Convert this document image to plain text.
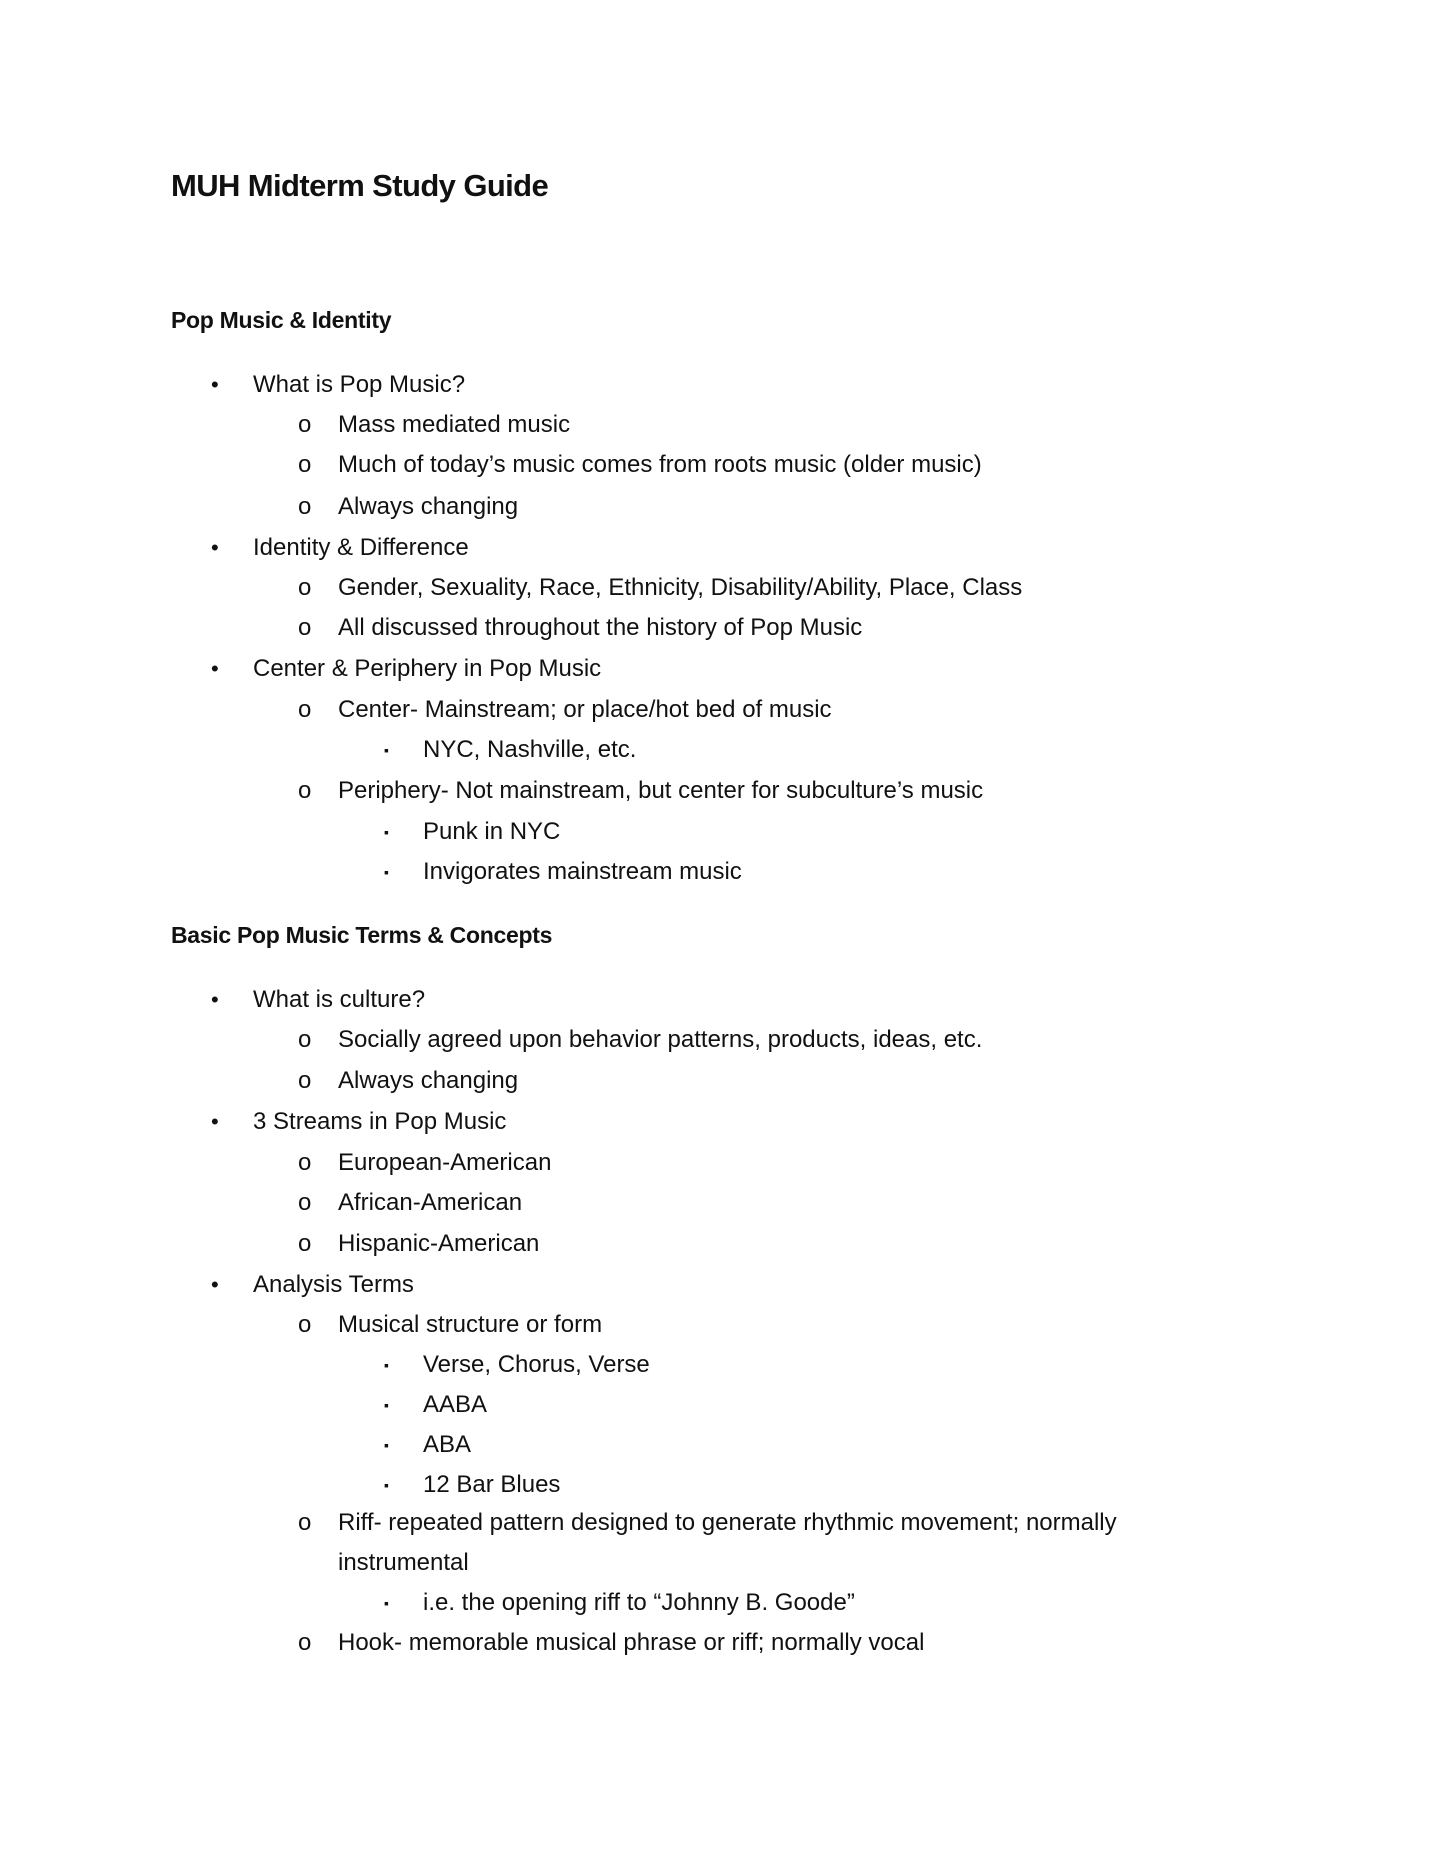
MUH Midterm Study Guide
Pop Music & Identity
• What is Pop Music?
o Mass mediated music
o Much of today’s music comes from roots music (older music)
o Always changing
• Identity & Difference
o Gender, Sexuality, Race, Ethnicity, Disability/Ability, Place, Class
o All discussed throughout the history of Pop Music
• Center & Periphery in Pop Music
o Center- Mainstream; or place/hot bed of music
▪ NYC, Nashville, etc.
o Periphery- Not mainstream, but center for subculture’s music
▪ Punk in NYC
▪ Invigorates mainstream music
Basic Pop Music Terms & Concepts
• What is culture?
o Socially agreed upon behavior patterns, products, ideas, etc.
o Always changing
• 3 Streams in Pop Music
o European-American
o African-American
o Hispanic-American
• Analysis Terms
o Musical structure or form
▪ Verse, Chorus, Verse
▪ AABA
▪ ABA
▪ 12 Bar Blues
o Riff- repeated pattern designed to generate rhythmic movement; normally
instrumental
▪ i.e. the opening riff to “Johnny B. Goode”
o Hook- memorable musical phrase or riff; normally vocal
